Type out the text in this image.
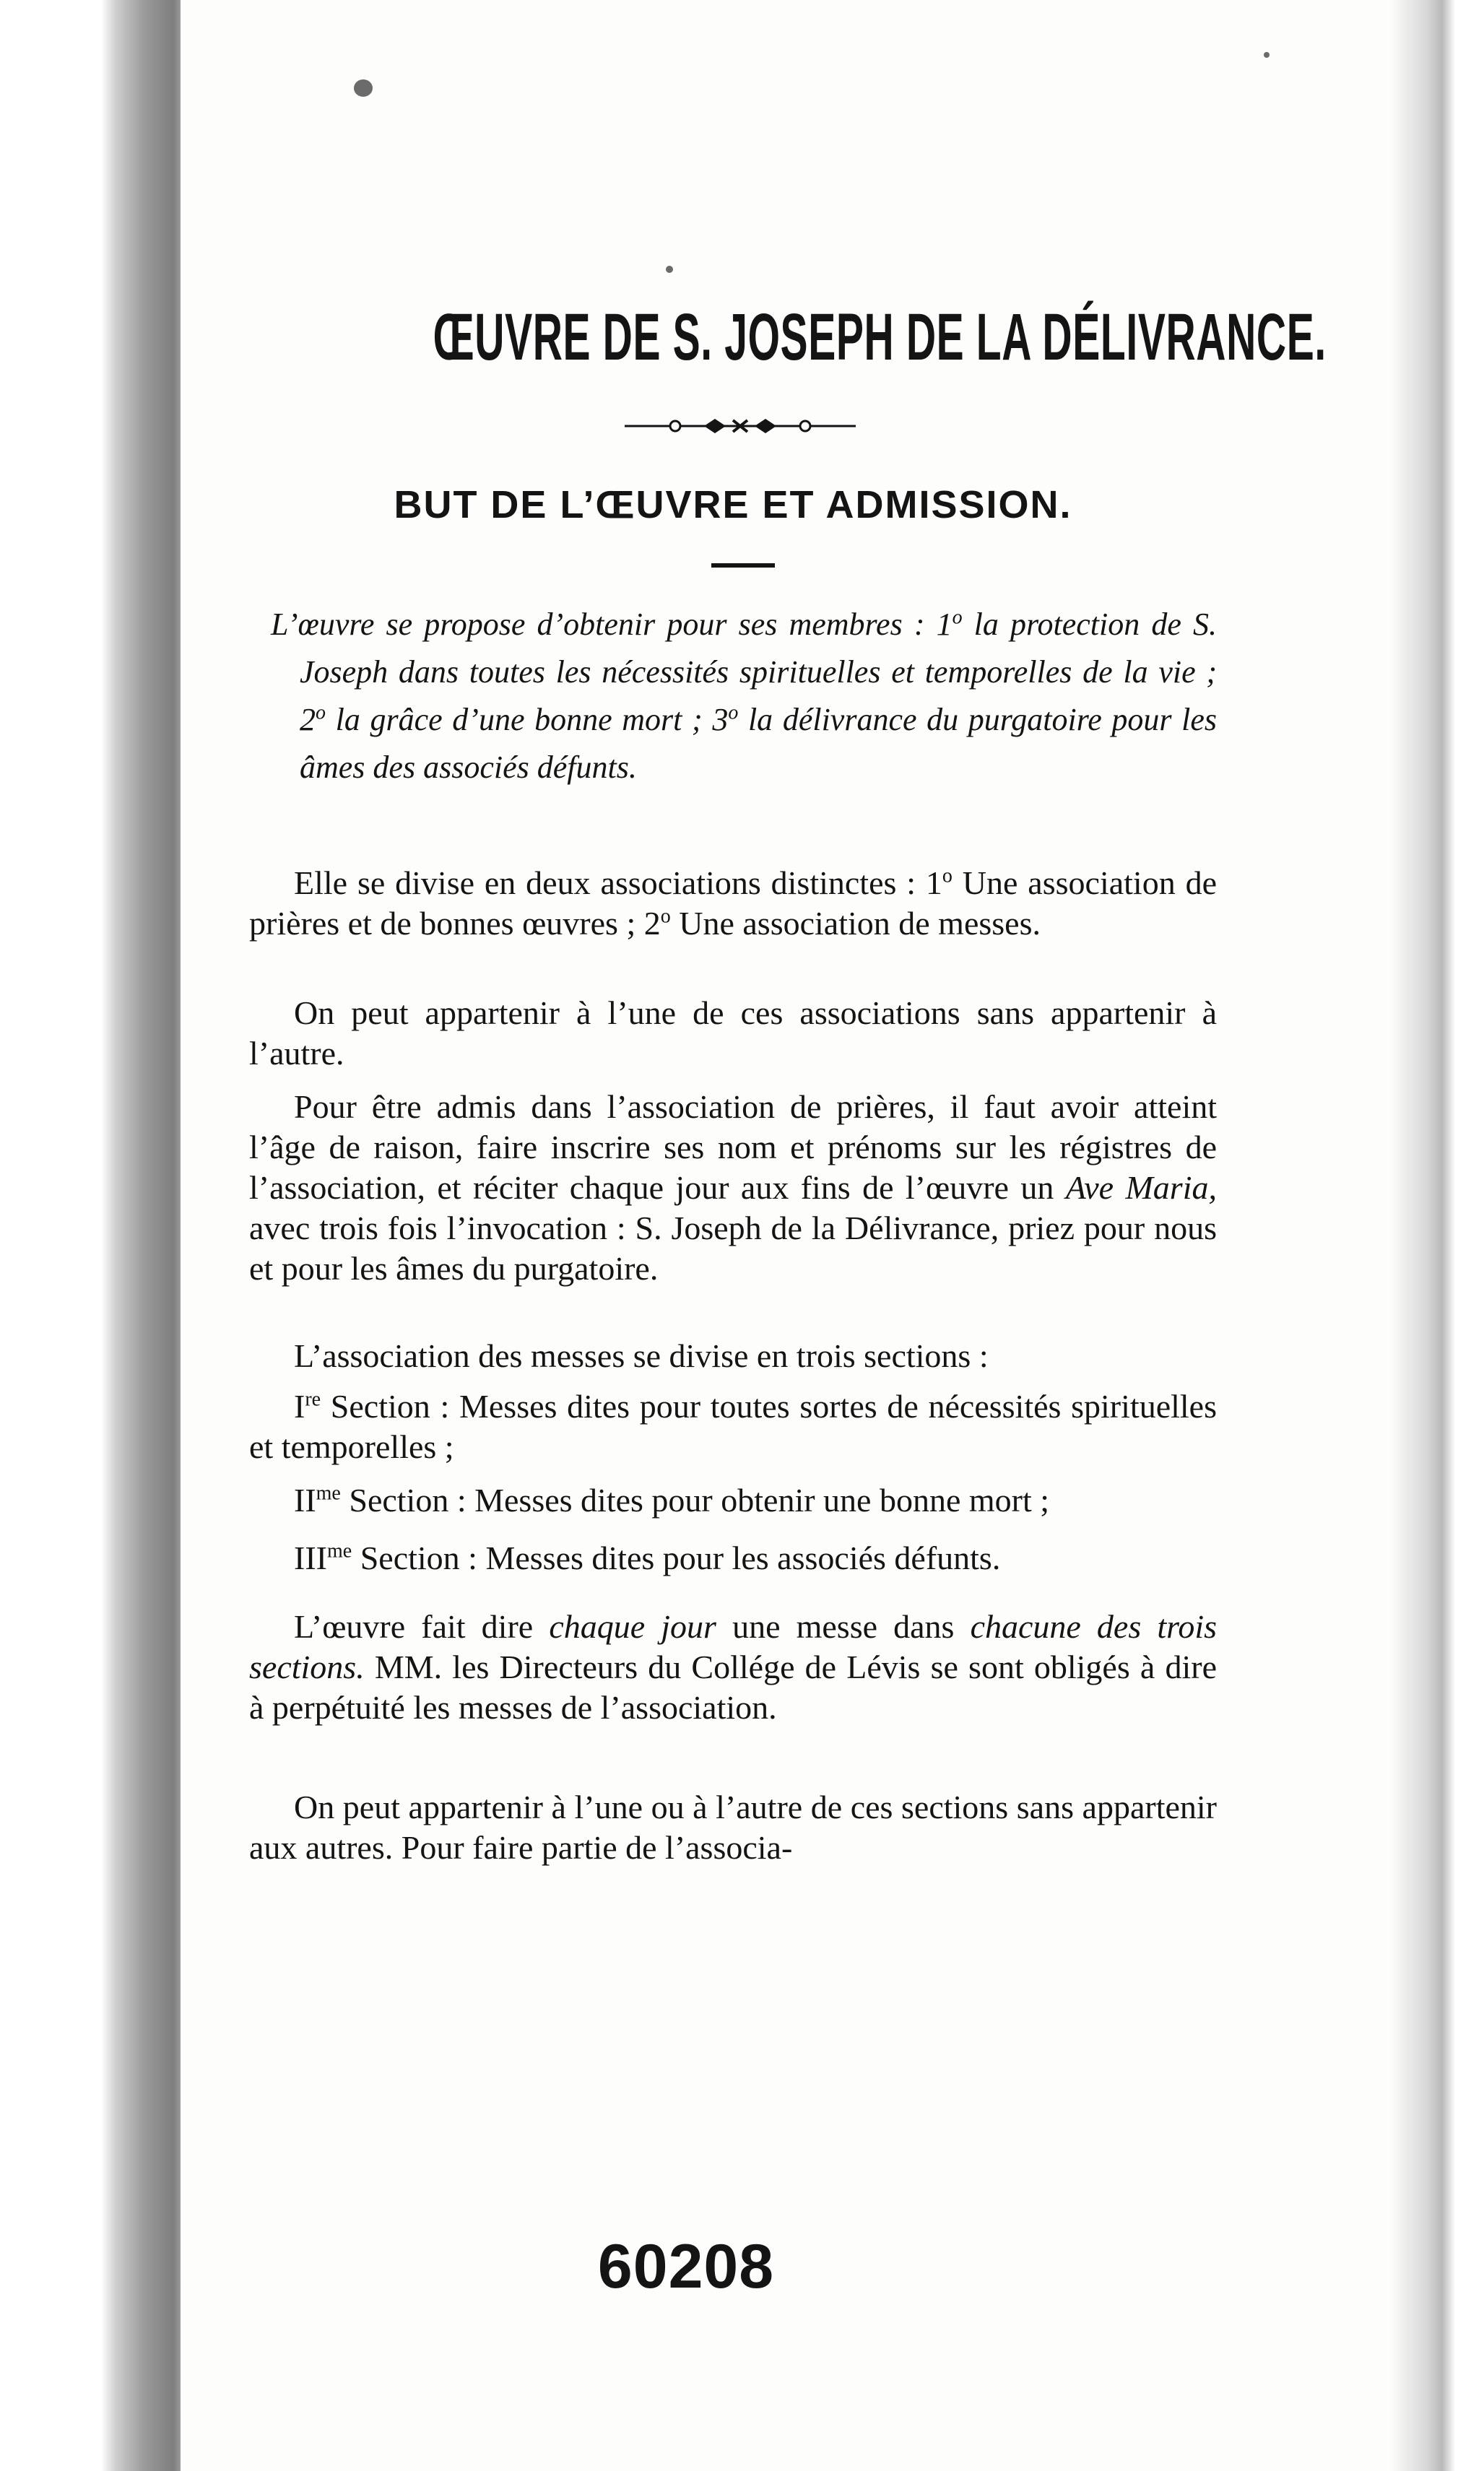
ŒUVRE DE S. JOSEPH DE LA DÉLIVRANCE.
BUT DE L’ŒUVRE ET ADMISSION.

L’œuvre se propose d’obtenir pour ses membres : 1$^o$ la protection de S. Joseph dans toutes les nécessités spirituelles et temporelles de la vie ; 2$^o$ la grâce d’une bonne mort ; 3$^o$ la délivrance du purgatoire pour les âmes des associés défunts.

Elle se divise en deux associations distinctes : 1$^o$ Une association de prières et de bonnes œuvres ; 2$^o$ Une association de messes.

On peut appartenir à l’une de ces associations sans appartenir à l’autre.

Pour être admis dans l’association de prières, il faut avoir atteint l’âge de raison, faire inscrire ses nom et prénoms sur les régistres de l’association, et réciter chaque jour aux fins de l’œuvre un Ave Maria, avec trois fois l’invocation : S. Joseph de la Délivrance, priez pour nous et pour les âmes du purgatoire.

L’association des messes se divise en trois sections :

Ire Section : Messes dites pour toutes sortes de nécessités spirituelles et temporelles ;

$II^{me}$ Section : Messes dites pour obtenir une bonne mort ;

$III^{me}$ Section : Messes dites pour les associés défunts.

L’œuvre fait dire chaque jour une messe dans chacune des trois sections. MM. les Directeurs du Collége de Lévis se sont obligés à dire à perpétuité les messes de l’association.

On peut appartenir à l’une ou à l’autre de ces sections sans appartenir aux autres. Pour faire partie de l’associa-

60208
